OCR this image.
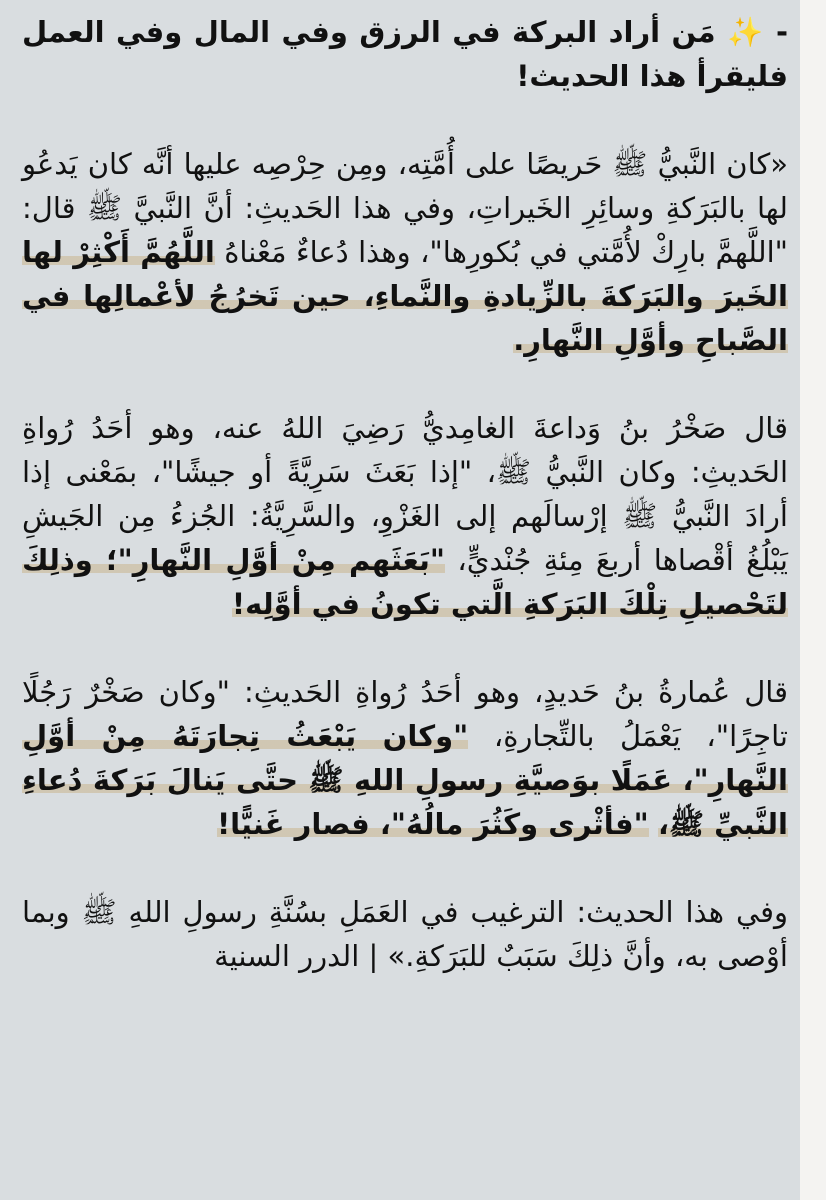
- ✨ مَن أراد البركة في الرزق وفي المال وفي العمل فليقرأ هذا الحديث!

«كان النَّبيُّ ﷺ حَريصًا على أُمَّتِه، ومِن حِرْصِه عليها أنَّه كان يَدعُو لها بالبَرَكةِ وسائِرِ الخَيراتِ، وفي هذا الحَديثِ: أنَّ النَّبيَّ ﷺ قال: "اللَّهمَّ بارِكْ لأُمَّتي في بُكورِها"، وهذا دُعاءٌ مَعْناهُ اللَّهُمَّ أَكْثِرْ لها الخَيرَ والبَرَكةَ بالزِّيادةِ والنَّماءِ، حين تَخرُجُ لأعْمالِها في الصَّباحِ وأوَّلِ النَّهارِ.

قال صَخْرُ بنُ وَداعةَ الغامِديُّ رَضِيَ اللهُ عنه، وهو أحَدُ رُواةِ الحَديثِ: وكان النَّبيُّ ﷺ، "إذا بَعَثَ سَرِيَّةً أو جيشًا"، بمَعْنى إذا أرادَ النَّبيُّ ﷺ إرْسالَهم إلى الغَزْوِ، والسَّرِيَّةُ: الجُزءُ مِن الجَيشِ يَبْلُغُ أقْصاها أربعَ مِئةِ جُنْديٍّ، "بَعَثَهم مِنْ أوَّلِ النَّهارِ"؛ وذلِكَ لتَحْصيلِ تِلْكَ البَرَكةِ الَّتي تكونُ في أوَّلِه!

قال عُمارةُ بنُ حَديدٍ، وهو أحَدُ رُواةِ الحَديثِ: "وكان صَخْرٌ رَجُلًا تاجِرًا"، يَعْمَلُ بالتِّجارةِ، "وكان يَبْعَثُ تِجارَتَهُ مِنْ أوَّلِ النَّهارِ"، عَمَلًا بوَصيَّةِ رسولِ اللهِ ﷺ حتَّى يَنالَ بَرَكةَ دُعاءِ النَّبيِّ ﷺ، "فأثْرى وكَثُرَ مالُهُ"، فصار غَنيًّا!

وفي هذا الحديث: الترغيب في العَمَلِ بسُنَّةِ رسولِ اللهِ ﷺ وبما أوْصى به، وأنَّ ذلِكَ سَبَبٌ للبَرَكةِ.» | الدرر السنية
